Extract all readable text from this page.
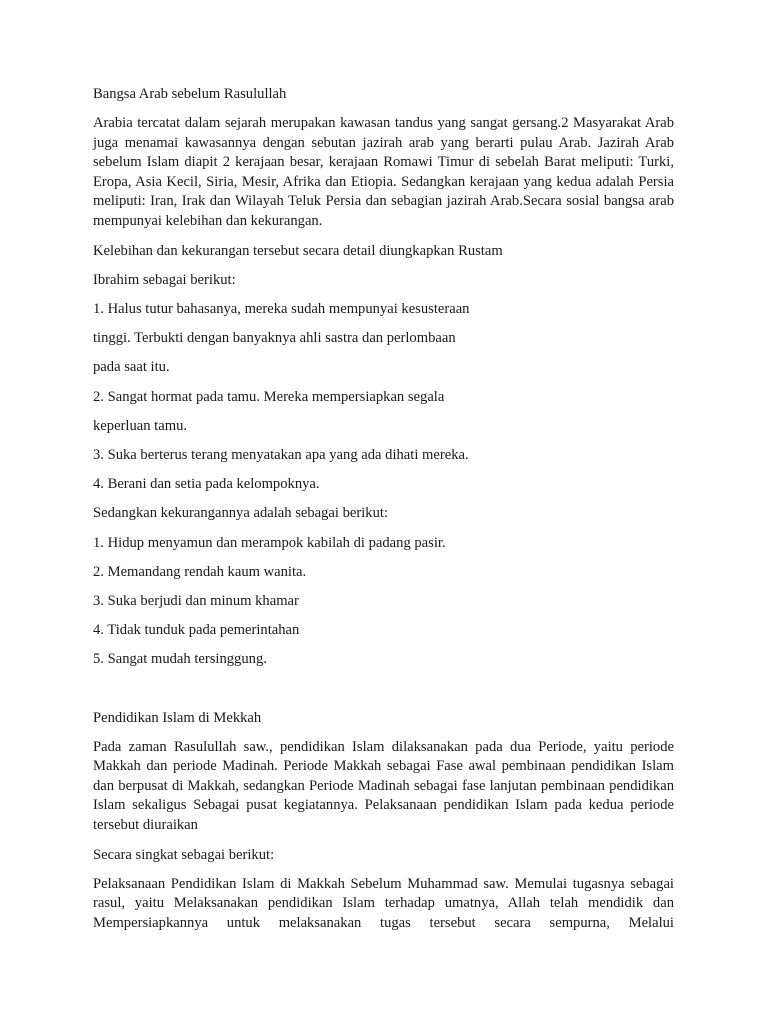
Bangsa Arab sebelum Rasulullah

Arabia tercatat dalam sejarah merupakan kawasan tandus yang sangat gersang.2 Masyarakat Arab juga menamai kawasannya dengan sebutan jazirah arab yang berarti pulau Arab. Jazirah Arab sebelum Islam diapit 2 kerajaan besar, kerajaan Romawi Timur di sebelah Barat meliputi: Turki, Eropa, Asia Kecil, Siria, Mesir, Afrika dan Etiopia. Sedangkan kerajaan yang kedua adalah Persia meliputi: Iran, Irak dan Wilayah Teluk Persia dan sebagian jazirah Arab.Secara sosial bangsa arab mempunyai kelebihan dan kekurangan.

Kelebihan dan kekurangan tersebut secara detail diungkapkan Rustam

Ibrahim sebagai berikut:

1. Halus tutur bahasanya, mereka sudah mempunyai kesusteraan

tinggi. Terbukti dengan banyaknya ahli sastra dan perlombaan

pada saat itu.

2. Sangat hormat pada tamu. Mereka mempersiapkan segala

keperluan tamu.

3. Suka berterus terang menyatakan apa yang ada dihati mereka.

4. Berani dan setia pada kelompoknya.

Sedangkan kekurangannya adalah sebagai berikut:

1. Hidup menyamun dan merampok kabilah di padang pasir.

2. Memandang rendah kaum wanita.

3. Suka berjudi dan minum khamar

4. Tidak tunduk pada pemerintahan

5. Sangat mudah tersinggung.

Pendidikan Islam di Mekkah

Pada zaman Rasulullah saw., pendidikan Islam dilaksanakan pada dua Periode, yaitu periode Makkah dan periode Madinah. Periode Makkah sebagai Fase awal pembinaan pendidikan Islam dan berpusat di Makkah, sedangkan Periode Madinah sebagai fase lanjutan pembinaan pendidikan Islam sekaligus Sebagai pusat kegiatannya. Pelaksanaan pendidikan Islam pada kedua periode tersebut diuraikan

Secara singkat sebagai berikut:

Pelaksanaan Pendidikan Islam di Makkah Sebelum Muhammad saw. Memulai tugasnya sebagai rasul, yaitu Melaksanakan pendidikan Islam terhadap umatnya, Allah telah mendidik dan Mempersiapkannya untuk melaksanakan tugas tersebut secara sempurna, Melalui
